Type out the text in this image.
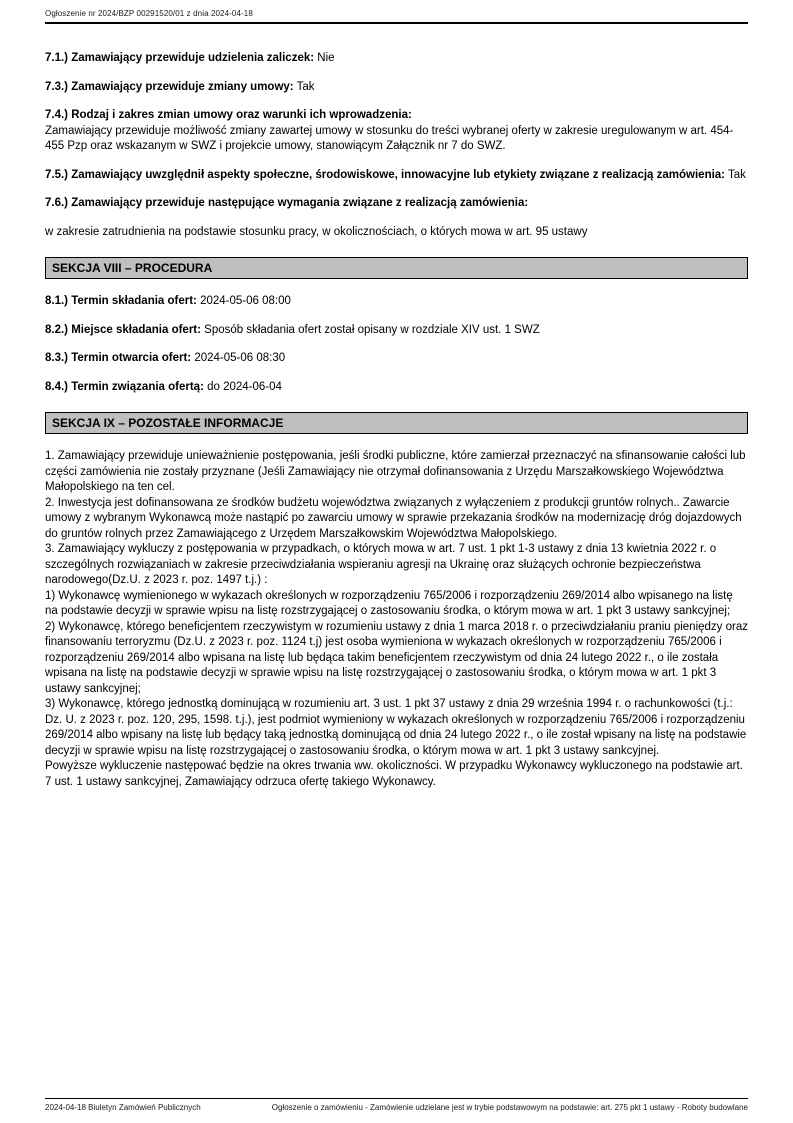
Ogłoszenie nr 2024/BZP 00291520/01 z dnia 2024-04-18
7.1.) Zamawiający przewiduje udzielenia zaliczek: Nie
7.3.) Zamawiający przewiduje zmiany umowy: Tak
7.4.) Rodzaj i zakres zmian umowy oraz warunki ich wprowadzenia:
Zamawiający przewiduje możliwość zmiany zawartej umowy w stosunku do treści wybranej oferty w zakresie uregulowanym w art. 454-455 Pzp oraz wskazanym w SWZ i projekcie umowy, stanowiącym Załącznik nr 7 do SWZ.
7.5.) Zamawiający uwzględnił aspekty społeczne, środowiskowe, innowacyjne lub etykiety związane z realizacją zamówienia: Tak
7.6.) Zamawiający przewiduje następujące wymagania związane z realizacją zamówienia:
w zakresie zatrudnienia na podstawie stosunku pracy, w okolicznościach, o których mowa w art. 95 ustawy
SEKCJA VIII – PROCEDURA
8.1.) Termin składania ofert: 2024-05-06 08:00
8.2.) Miejsce składania ofert: Sposób składania ofert został opisany w rozdziale XIV ust. 1 SWZ
8.3.) Termin otwarcia ofert: 2024-05-06 08:30
8.4.) Termin związania ofertą: do 2024-06-04
SEKCJA IX – POZOSTAŁE INFORMACJE
1. Zamawiający przewiduje unieważnienie postępowania, jeśli środki publiczne, które zamierzał przeznaczyć na sfinansowanie całości lub części zamówienia nie zostały przyznane (Jeśli Zamawiający nie otrzymał dofinansowania z Urzędu Marszałkowskiego Województwa Małopolskiego na ten cel.
2. Inwestycja jest dofinansowana ze środków budżetu województwa związanych z wyłączeniem z produkcji gruntów rolnych.. Zawarcie umowy z wybranym Wykonawcą może nastąpić po zawarciu umowy w sprawie przekazania środków na modernizację dróg dojazdowych do gruntów rolnych przez Zamawiającego z Urzędem Marszałkowskim Województwa Małopolskiego.
3. Zamawiający wykluczy z postępowania w przypadkach, o których mowa w art. 7 ust. 1 pkt 1-3 ustawy z dnia 13 kwietnia 2022 r. o szczególnych rozwiązaniach w zakresie przeciwdziałania wspieraniu agresji na Ukrainę oraz służących ochronie bezpieczeństwa narodowego(Dz.U. z 2023 r. poz. 1497 t.j.) :
1) Wykonawcę wymienionego w wykazach określonych w rozporządzeniu 765/2006 i rozporządzeniu 269/2014 albo wpisanego na listę na podstawie decyzji w sprawie wpisu na listę rozstrzygającej o zastosowaniu środka, o którym mowa w art. 1 pkt 3 ustawy sankcyjnej;
2) Wykonawcę, którego beneficjentem rzeczywistym w rozumieniu ustawy z dnia 1 marca 2018 r. o przeciwdziałaniu praniu pieniędzy oraz finansowaniu terroryzmu (Dz.U. z 2023 r. poz. 1124 t.j) jest osoba wymieniona w wykazach określonych w rozporządzeniu 765/2006 i rozporządzeniu 269/2014 albo wpisana na listę lub będąca takim beneficjentem rzeczywistym od dnia 24 lutego 2022 r., o ile została wpisana na listę na podstawie decyzji w sprawie wpisu na listę rozstrzygającej o zastosowaniu środka, o którym mowa w art. 1 pkt 3 ustawy sankcyjnej;
3) Wykonawcę, którego jednostką dominującą w rozumieniu art. 3 ust. 1 pkt 37 ustawy z dnia 29 września 1994 r. o rachunkowości (t.j.: Dz. U. z 2023 r. poz. 120, 295, 1598. t.j.), jest podmiot wymieniony w wykazach określonych w rozporządzeniu 765/2006 i rozporządzeniu 269/2014 albo wpisany na listę lub będący taką jednostką dominującą od dnia 24 lutego 2022 r., o ile został wpisany na listę na podstawie decyzji w sprawie wpisu na listę rozstrzygającej o zastosowaniu środka, o którym mowa w art. 1 pkt 3 ustawy sankcyjnej.
Powyższe wykluczenie następować będzie na okres trwania ww. okoliczności. W przypadku Wykonawcy wykluczonego na podstawie art. 7 ust. 1 ustawy sankcyjnej, Zamawiający odrzuca ofertę takiego Wykonawcy.
2024-04-18 Biuletyn Zamówień Publicznych	Ogłoszenie o zamówieniu - Zamówienie udzielane jest w trybie podstawowym na podstawie: art. 275 pkt 1 ustawy - Roboty budowlane
